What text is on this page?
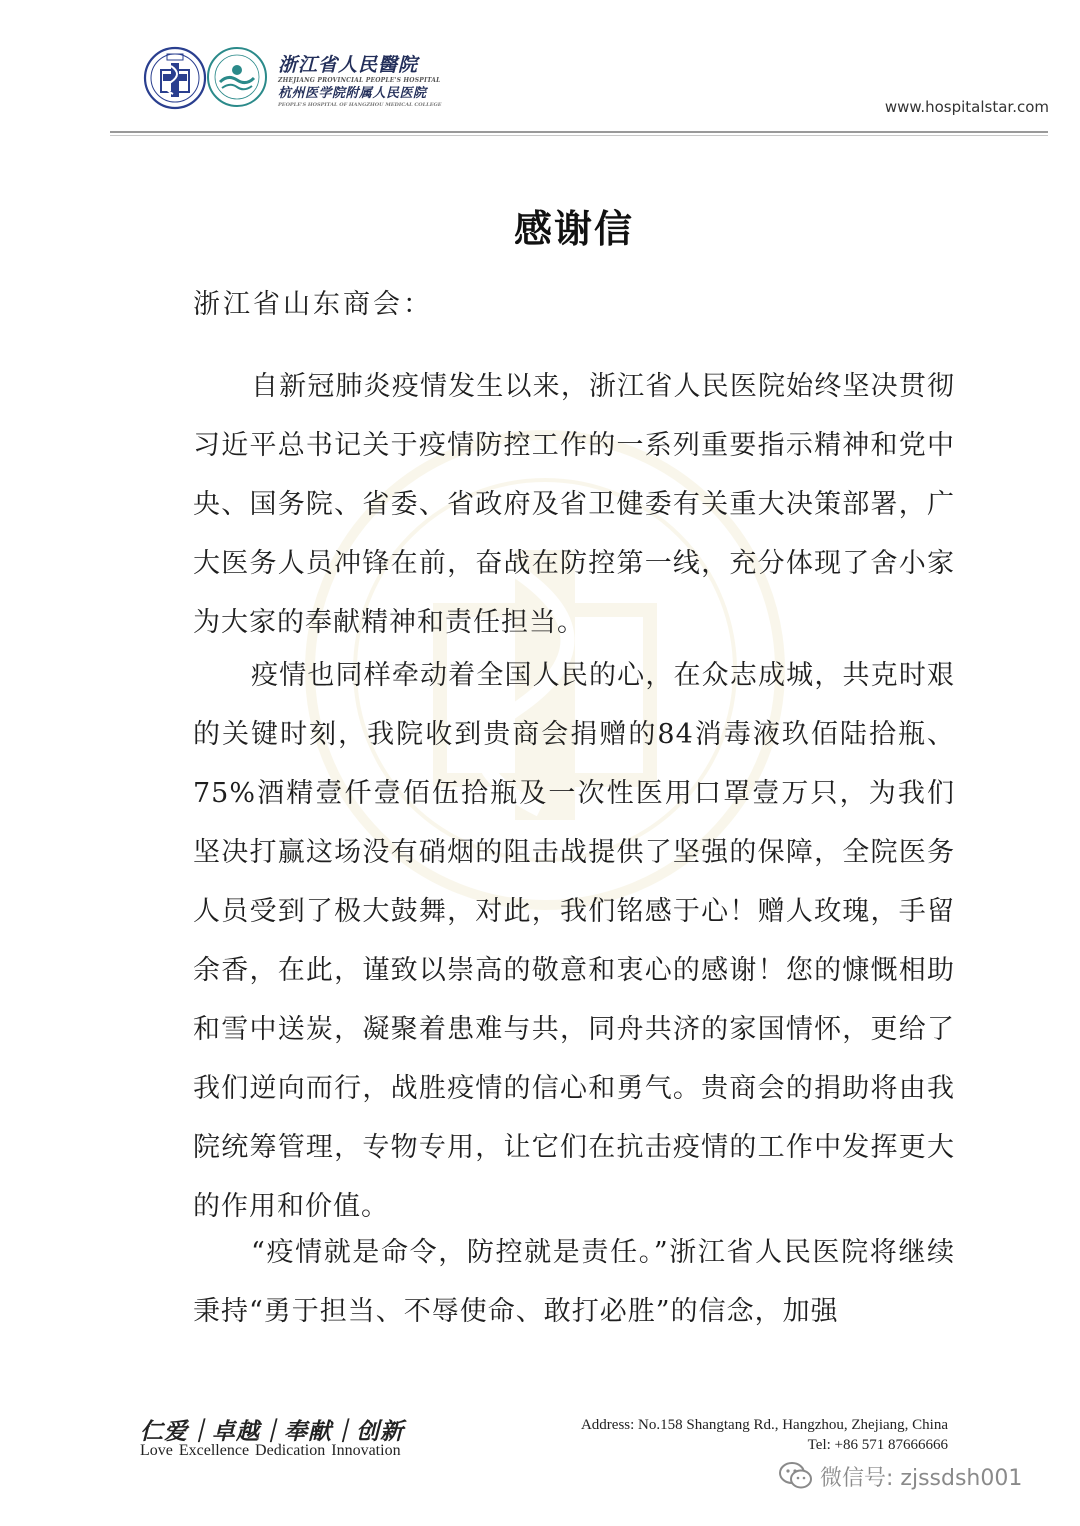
浙江省人民醫院
ZHEJIANG PROVINCIAL PEOPLE'S HOSPITAL
杭州医学院附属人民医院
PEOPLE'S HOSPITAL OF HANGZHOU MEDICAL COLLEGE	www.hospitalstar.com
感谢信
浙江省山东商会：

自新冠肺炎疫情发生以来，浙江省人民医院始终坚决贯彻习近平总书记关于疫情防控工作的一系列重要指示精神和党中央、国务院、省委、省政府及省卫健委有关重大决策部署，广大医务人员冲锋在前，奋战在防控第一线，充分体现了舍小家为大家的奉献精神和责任担当。

疫情也同样牵动着全国人民的心，在众志成城，共克时艰的关键时刻，我院收到贵商会捐赠的84消毒液玖佰陆拾瓶、75%酒精壹仟壹佰伍拾瓶及一次性医用口罩壹万只，为我们坚决打赢这场没有硝烟的阻击战提供了坚强的保障，全院医务人员受到了极大鼓舞，对此，我们铭感于心！赠人玫瑰，手留余香，在此，谨致以崇高的敬意和衷心的感谢！您的慷慨相助和雪中送炭，凝聚着患难与共，同舟共济的家国情怀，更给了我们逆向而行，战胜疫情的信心和勇气。贵商会的捐助将由我院统筹管理，专物专用，让它们在抗击疫情的工作中发挥更大的作用和价值。

“疫情就是命令，防控就是责任。”浙江省人民医院将继续秉持“勇于担当、不辱使命、敢打必胜”的信念，加强

仁爱｜卓越｜奉献｜创新
Love Excellence Dedication Innovation
Address: No.158 Shangtang Rd., Hangzhou, Zhejiang, China
Tel: +86 571 87666666
微信号: zjssdsh001
